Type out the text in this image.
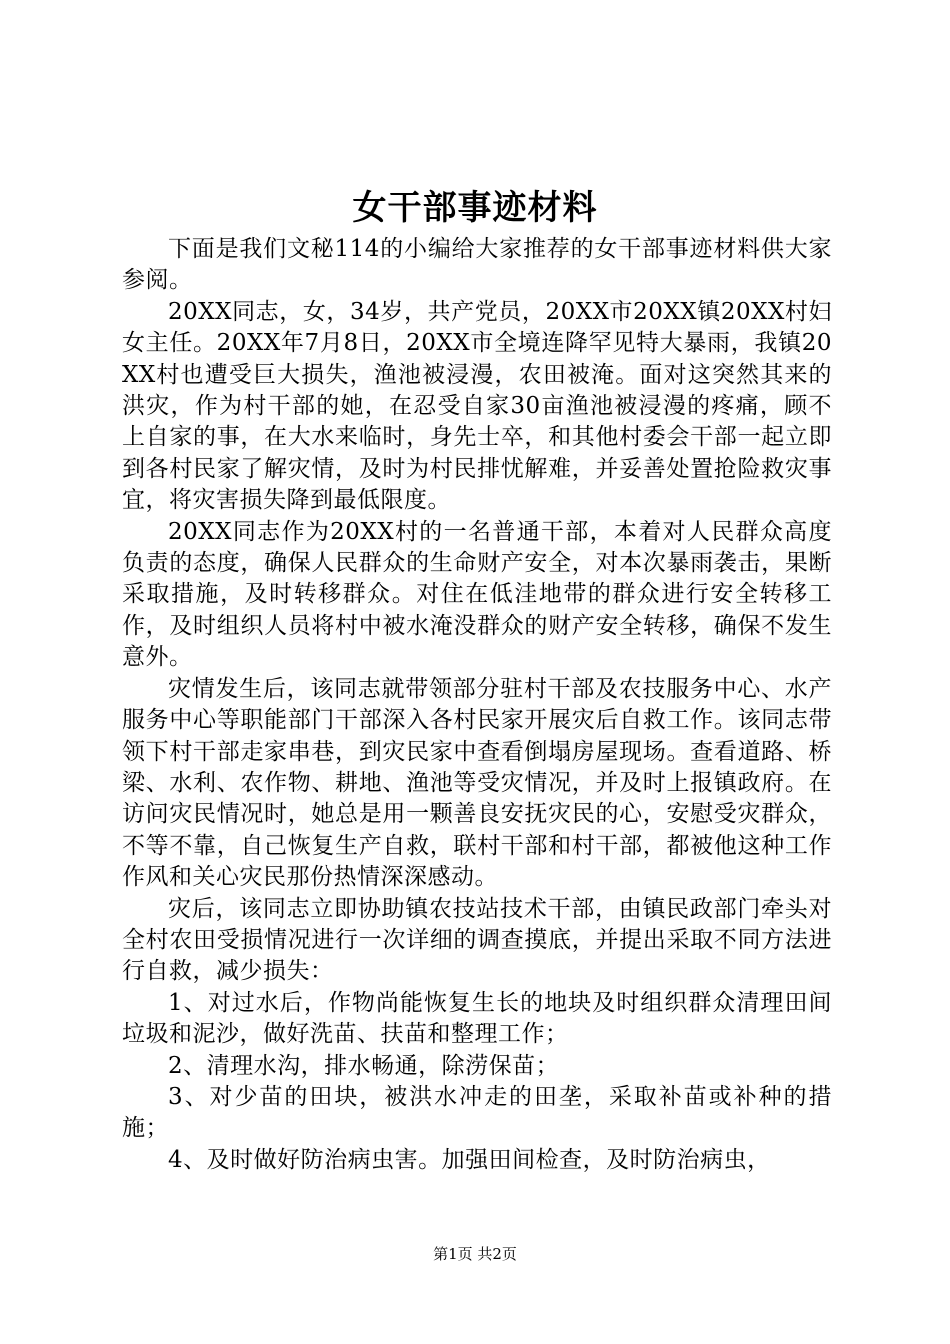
女干部事迹材料

下面是我们文秘114的小编给大家推荐的女干部事迹材料供大家参阅。

20XX同志，女，34岁，共产党员，20XX市20XX镇20XX村妇女主任。20XX年7月8日，20XX市全境连降罕见特大暴雨，我镇20XX村也遭受巨大损失，渔池被浸漫，农田被淹。面对这突然其来的洪灾，作为村干部的她，在忍受自家30亩渔池被浸漫的疼痛，顾不上自家的事，在大水来临时，身先士卒，和其他村委会干部一起立即到各村民家了解灾情，及时为村民排忧解难，并妥善处置抢险救灾事宜，将灾害损失降到最低限度。

20XX同志作为20XX村的一名普通干部，本着对人民群众高度负责的态度，确保人民群众的生命财产安全，对本次暴雨袭击，果断采取措施，及时转移群众。对住在低洼地带的群众进行安全转移工作，及时组织人员将村中被水淹没群众的财产安全转移，确保不发生意外。

灾情发生后，该同志就带领部分驻村干部及农技服务中心、水产服务中心等职能部门干部深入各村民家开展灾后自救工作。该同志带领下村干部走家串巷，到灾民家中查看倒塌房屋现场。查看道路、桥梁、水利、农作物、耕地、渔池等受灾情况，并及时上报镇政府。在访问灾民情况时，她总是用一颗善良安抚灾民的心，安慰受灾群众，不等不靠，自己恢复生产自救，联村干部和村干部，都被他这种工作作风和关心灾民那份热情深深感动。

灾后，该同志立即协助镇农技站技术干部，由镇民政部门牵头对全村农田受损情况进行一次详细的调查摸底，并提出采取不同方法进行自救，减少损失：

1、对过水后，作物尚能恢复生长的地块及时组织群众清理田间垃圾和泥沙，做好洗苗、扶苗和整理工作；

2、清理水沟，排水畅通，除涝保苗；

3、对少苗的田块，被洪水冲走的田垄，采取补苗或补种的措施；

4、及时做好防治病虫害。加强田间检查，及时防治病虫，

第1页 共2页
